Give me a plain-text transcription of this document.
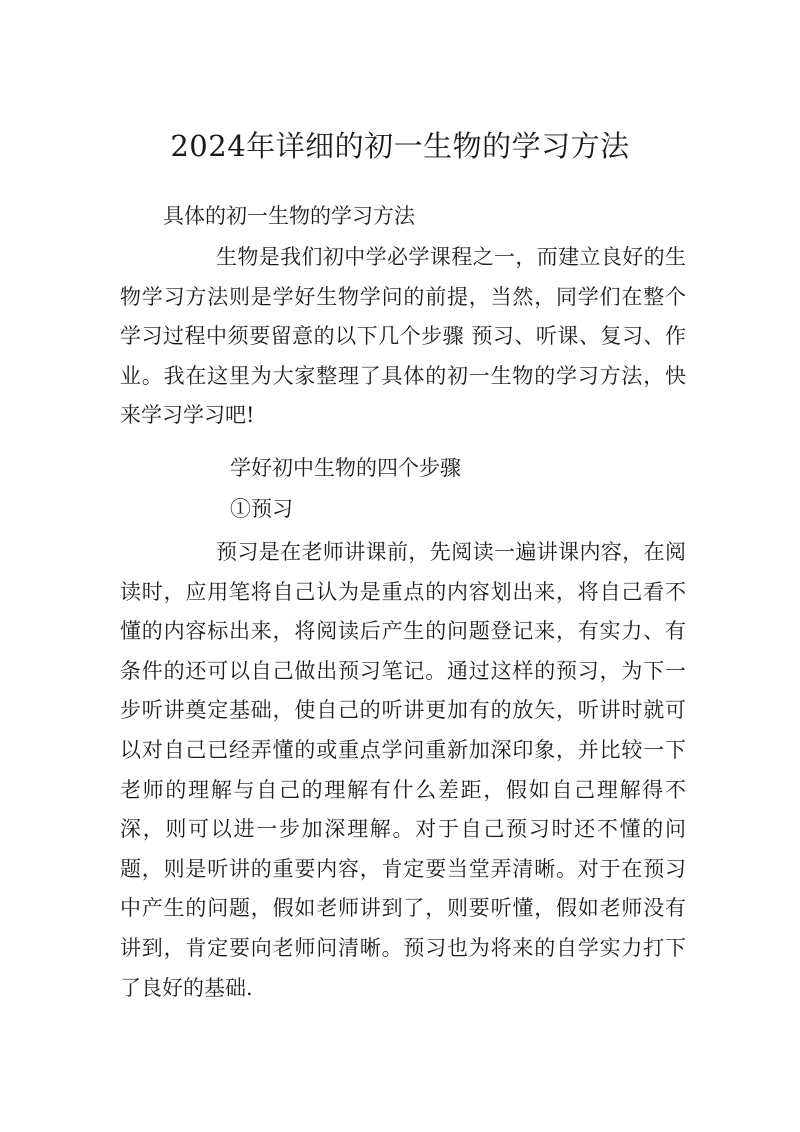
2024年详细的初一生物的学习方法

具体的初一生物的学习方法

生物是我们初中学必学课程之一，而建立良好的生物学习方法则是学好生物学问的前提，当然，同学们在整个学习过程中须要留意的以下几个步骤 预习、听课、复习、作业。我在这里为大家整理了具体的初一生物的学习方法，快来学习学习吧!

学好初中生物的四个步骤

①预习

预习是在老师讲课前，先阅读一遍讲课内容，在阅读时，应用笔将自己认为是重点的内容划出来，将自己看不懂的内容标出来，将阅读后产生的问题登记来，有实力、有条件的还可以自己做出预习笔记。通过这样的预习，为下一步听讲奠定基础，使自己的听讲更加有的放矢，听讲时就可以对自己已经弄懂的或重点学问重新加深印象，并比较一下老师的理解与自己的理解有什么差距，假如自己理解得不深，则可以进一步加深理解。对于自己预习时还不懂的问题，则是听讲的重要内容，肯定要当堂弄清晰。对于在预习中产生的问题，假如老师讲到了，则要听懂，假如老师没有讲到，肯定要向老师问清晰。预习也为将来的自学实力打下了良好的基础.
